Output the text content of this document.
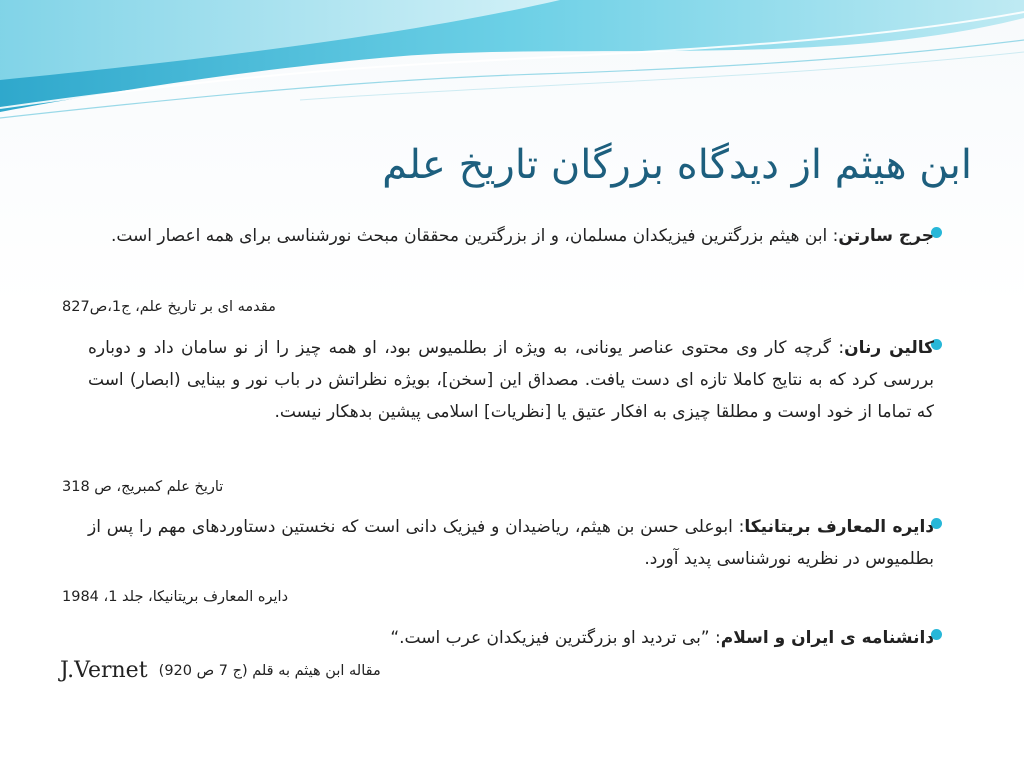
ابن هیثم از دیدگاه بزرگان تاریخ علم
جرج سارتن: ابن هیثم بزرگترین فیزیکدان مسلمان، و از بزرگترین محققان مبحث نورشناسی برای همه اعصار است.
مقدمه ای بر تاریخ علم، ج1،ص827
کالین رنان: گرچه کار وی محتوی عناصر یونانی، به ویژه از بطلمیوس بود، او همه چیز را از نو سامان داد و دوباره بررسی کرد که به نتایج کاملا تازه ای دست یافت. مصداق این [سخن]، بویژه نظراتش در باب نور و بینایی (ابصار) است که تماما از خود اوست و مطلقا چیزی به افکار عتیق یا [نظریات] اسلامی پیشین بدهکار نیست.
تاریخ علم کمبریج، ص 318
دایره المعارف بریتانیکا: ابوعلی حسن بن هیثم، ریاضیدان و فیزیک دانی است که نخستین دستاوردهای مهم را پس از بطلمیوس در نظریه نورشناسی پدید آورد.
دایره المعارف بریتانیکا، جلد 1، 1984
دانشنامه ی ایران و اسلام: ”بی تردید او بزرگترین فیزیکدان عرب است.“
J.Vernet مقاله ابن هیثم به قلم (ج 7 ص 920)
